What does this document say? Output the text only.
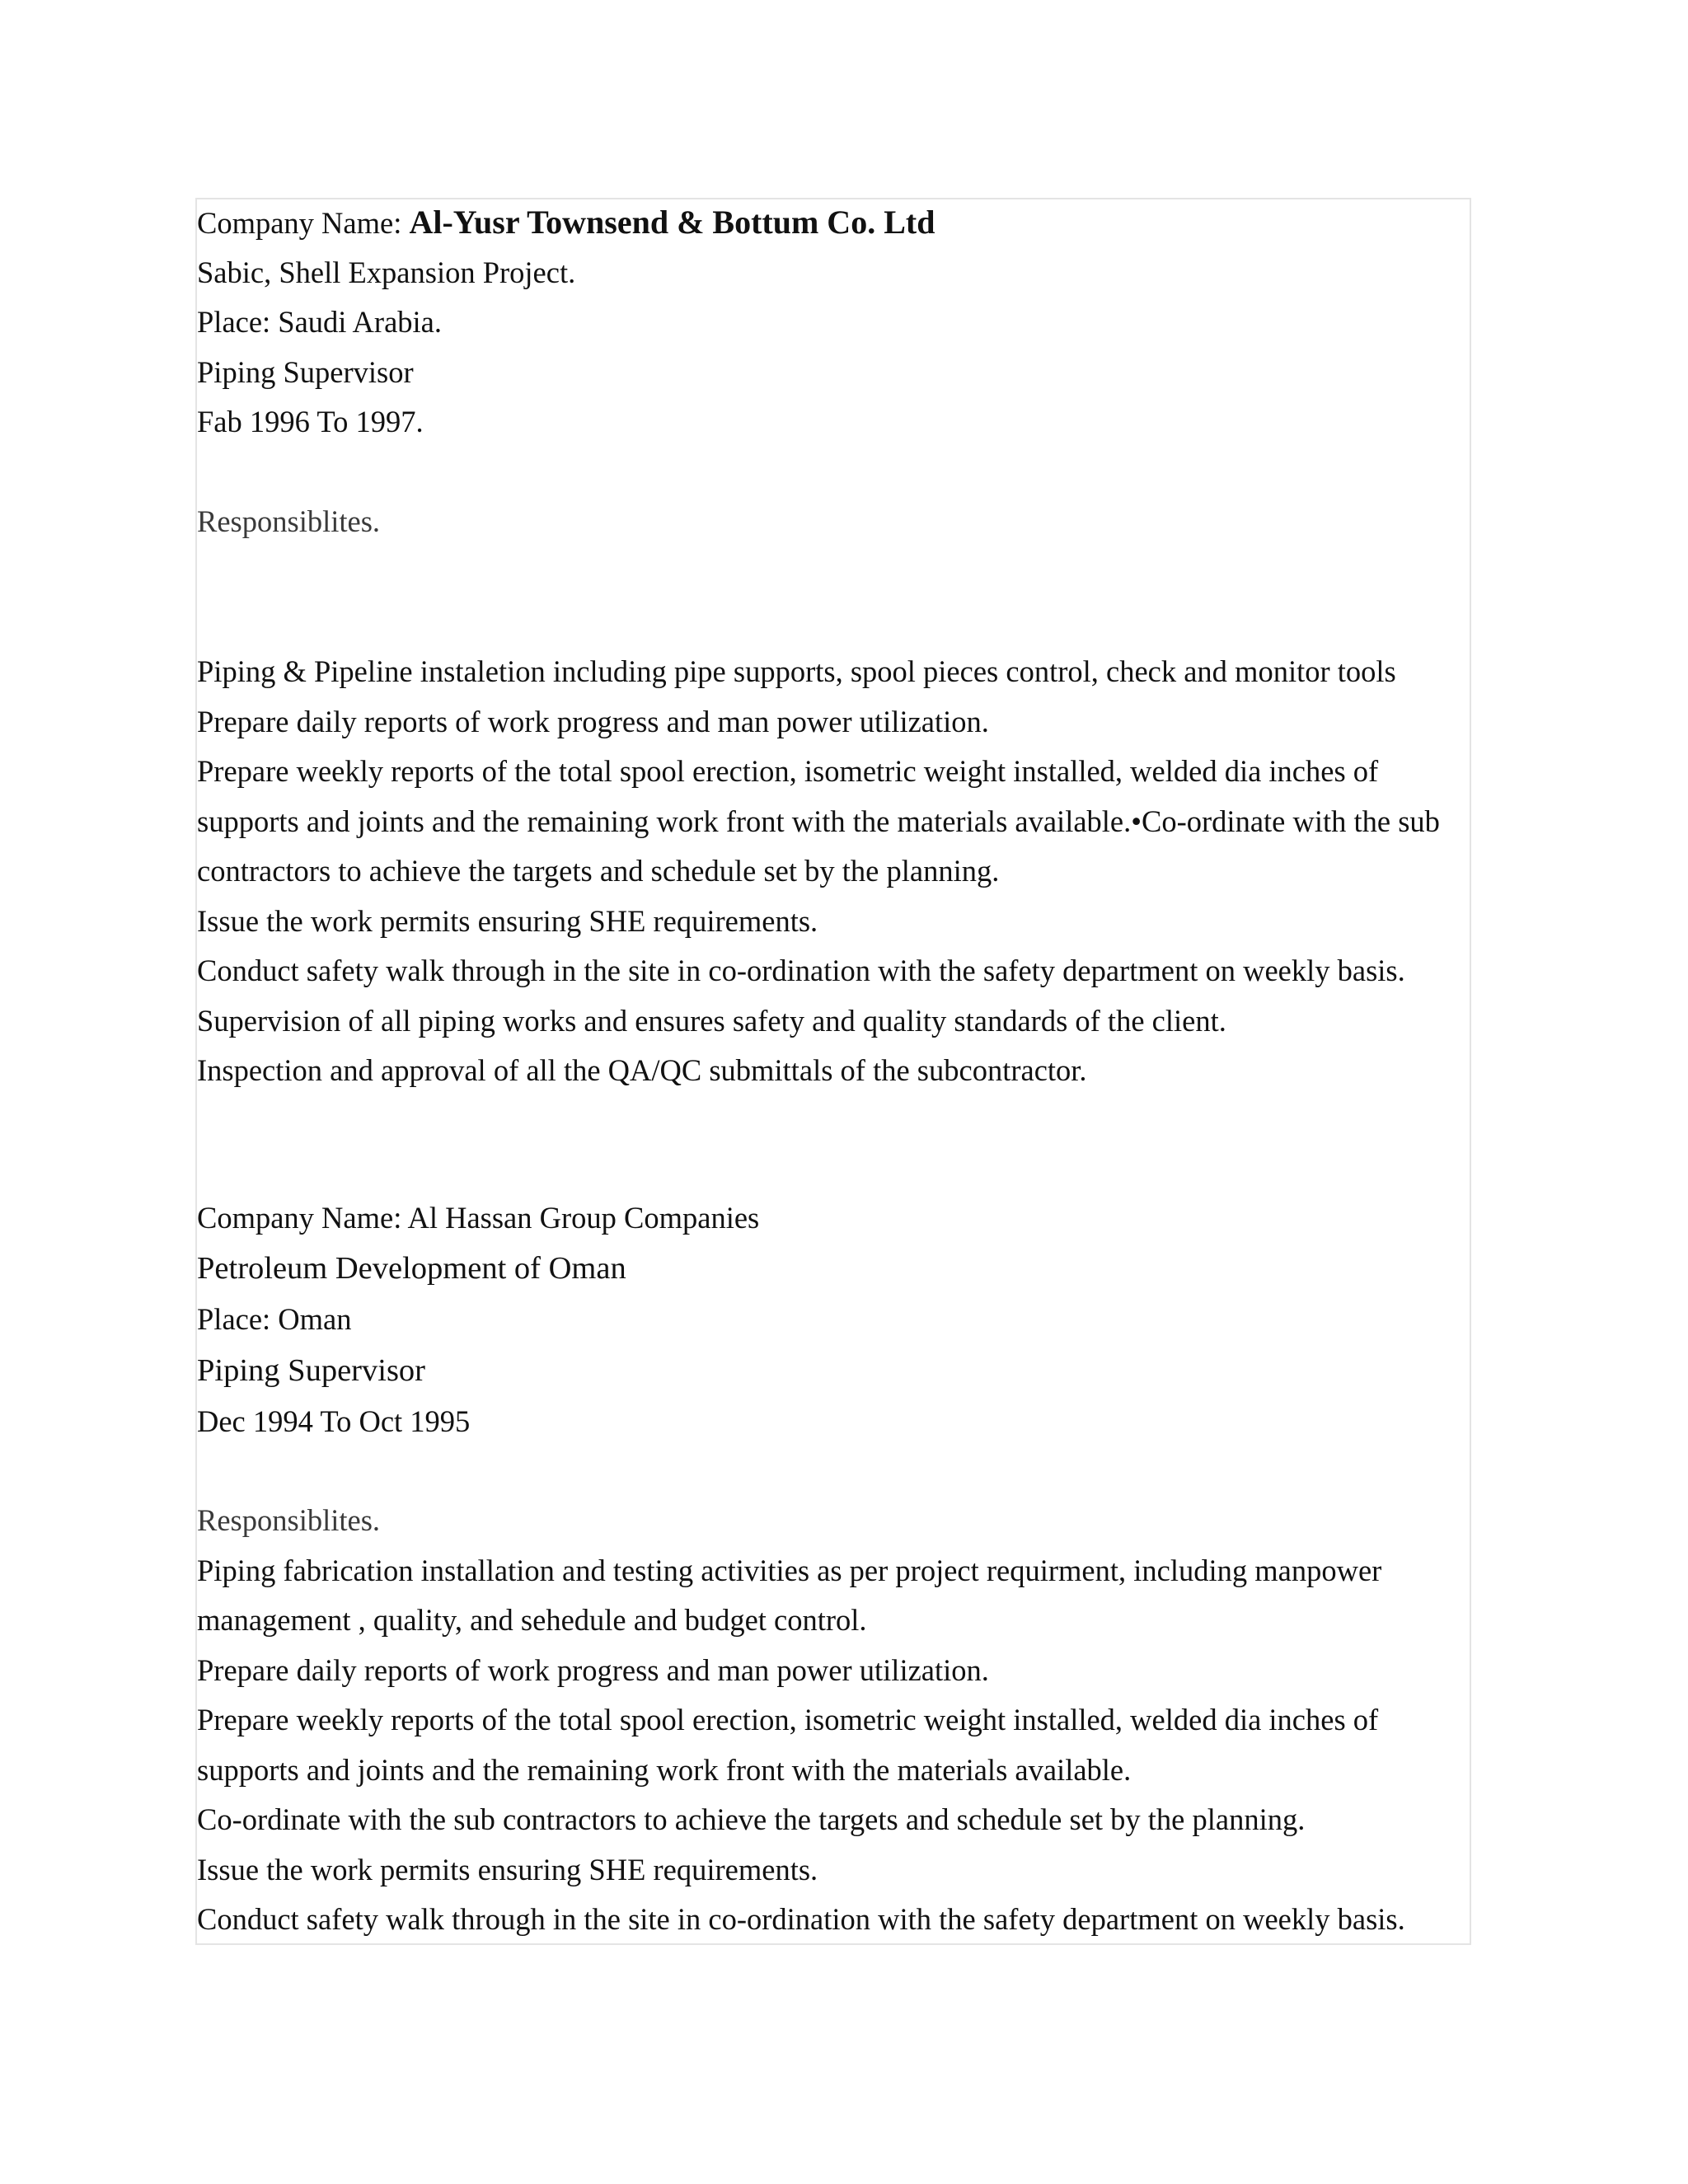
Company Name: Al-Yusr Townsend & Bottum Co. Ltd
Sabic, Shell Expansion Project.
Place: Saudi Arabia.
Piping Supervisor
Fab 1996 To 1997.
Responsiblites.
Piping & Pipeline instaletion including pipe supports, spool pieces control, check and monitor tools
Prepare daily reports of work progress and man power utilization.
Prepare weekly reports of the total spool erection, isometric weight installed, welded dia inches of
supports and joints and the remaining work front with the materials available.•Co-ordinate with the sub
contractors to achieve the targets and schedule set by the planning.
Issue the work permits ensuring SHE requirements.
Conduct safety walk through in the site in co-ordination with the safety department on weekly basis.
Supervision of all piping works and ensures safety and quality standards of the client.
Inspection and approval of all the QA/QC submittals of the subcontractor.
Company Name: Al Hassan Group Companies
Petroleum Development of Oman
Place: Oman
Piping Supervisor
Dec 1994 To Oct 1995
Responsiblites.
Piping fabrication installation and testing activities as per project requirment, including manpower
management , quality, and sehedule and budget control.
Prepare daily reports of work progress and man power utilization.
Prepare weekly reports of the total spool erection, isometric weight installed, welded dia inches of
supports and joints and the remaining work front with the materials available.
Co-ordinate with the sub contractors to achieve the targets and schedule set by the planning.
Issue the work permits ensuring SHE requirements.
Conduct safety walk through in the site in co-ordination with the safety department on weekly basis.
